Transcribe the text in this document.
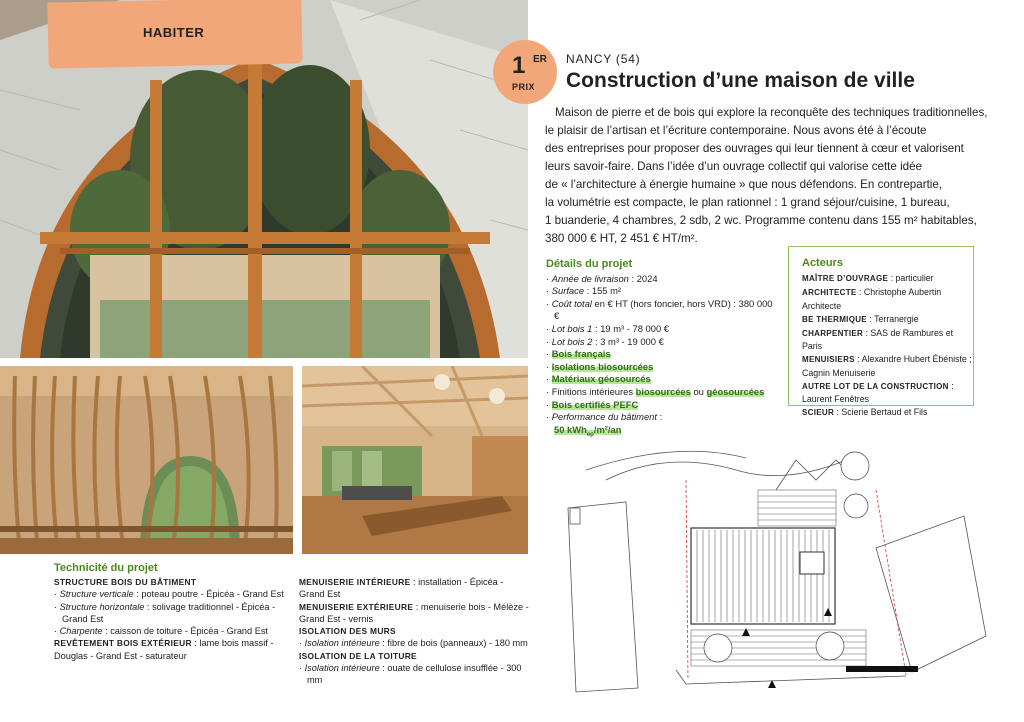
HABITER
1 ER
PRIX
NANCY (54)
Construction d’une maison de ville

Maison de pierre et de bois qui explore la reconquête des techniques traditionnelles,

le plaisir de l’artisan et l’écriture contemporaine. Nous avons été à l’écoute

des entreprises pour proposer des ouvrages qui leur tiennent à cœur et valorisent

leurs savoir-faire. Dans l’idée d’un ouvrage collectif qui valorise cette idée

de « l’architecture à énergie humaine » que nous défendons. En contrepartie,

la volumétrie est compacte, le plan rationnel : 1 grand séjour/cuisine, 1 bureau,

1 buanderie, 4 chambres, 2 sdb, 2 wc. Programme contenu dans 155 m² habitables,

380 000 € HT, 2 451 € HT/m².

Détails du projet
· Année de livraison : 2024
· Surface : 155 m²
· Coût total en € HT (hors foncier, hors VRD) : 380 000 €
· Lot bois 1 : 19 m³ - 78 000 €
· Lot bois 2 : 3 m³ - 19 000 €
· Bois français
· Isolations biosourcées
· Matériaux géosourcés
· Finitions intérieures biosourcées ou géosourcées
· Bois certifiés PEFC
· Performance du bâtiment :
50 kWh$_{ep}$/m²/an
Acteurs
MAÎTRE D’OUVRAGE : particulier
ARCHITECTE : Christophe Aubertin Architecte
BE THERMIQUE : Terranergie
CHARPENTIER : SAS de Rambures et Paris
MENUISIERS : Alexandre Hubert Ébéniste ; Cagnin Menuiserie
AUTRE LOT DE LA CONSTRUCTION : Laurent Fenêtres
SCIEUR : Scierie Bertaud et Fils
Technicité du projet
STRUCTURE BOIS DU BÂTIMENT
· Structure verticale : poteau poutre - Épicéa - Grand Est
· Structure horizontale : solivage traditionnel - Épicéa - Grand Est
· Charpente : caisson de toiture - Épicéa - Grand Est
REVÊTEMENT BOIS EXTÉRIEUR : lame bois massif - Douglas - Grand Est - saturateur
MENUISERIE INTÉRIEURE : installation - Épicéa - Grand Est
MENUISERIE EXTÉRIEURE : menuiserie bois - Mélèze - Grand Est - vernis
ISOLATION DES MURS
· Isolation intérieure : fibre de bois (panneaux) - 180 mm
ISOLATION DE LA TOITURE
· Isolation intérieure : ouate de cellulose insufflée - 300 mm
